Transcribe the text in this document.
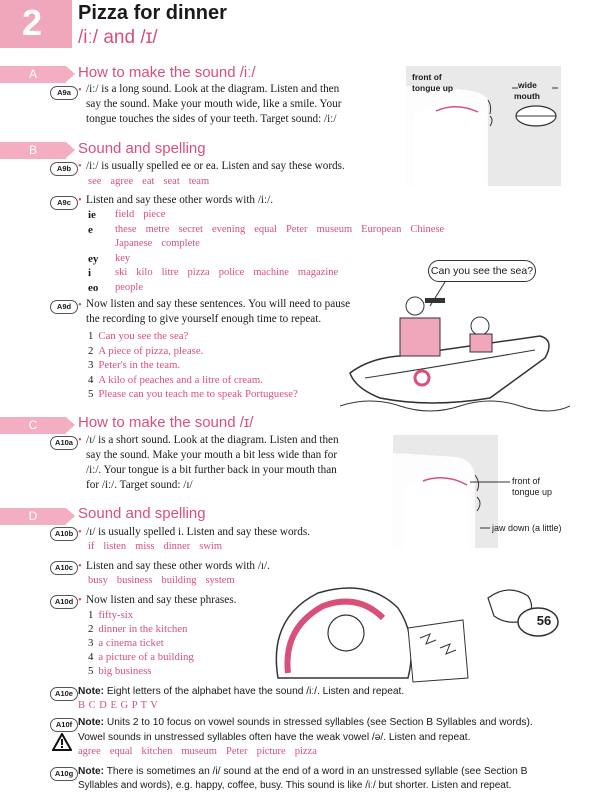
2 Pizza for dinner
/iː/ and /ɪ/
A	How to make the sound /iː/
A9a • /iː/ is a long sound. Look at the diagram. Listen and then
say the sound. Make your mouth wide, like a smile. Your
tongue touches the sides of your teeth. Target sound: /iː/
front of
tongue up	wide
mouth
B	Sound and spelling
A9b • /iː/ is usually spelled ee or ea. Listen and say these words.
see agree eat seat team
A9c • Listen and say these other words with /iː/.
ie field piece
e these metre secret evening equal Peter museum European Chinese
Japanese complete
ey key
i ski kilo litre pizza police machine magazine
eo people
A9d • Now listen and say these sentences. You will need to pause
the recording to give yourself enough time to repeat.
1 Can you see the sea?
2 A piece of pizza, please.
3 Peter's in the team.
4 A kilo of peaches and a litre of cream.
5 Please can you teach me to speak Portuguese?
Can you see the sea?
C	How to make the sound /ɪ/
A10a • /ɪ/ is a short sound. Look at the diagram. Listen and then
say the sound. Make your mouth a bit less wide than for
/iː/. Your tongue is a bit further back in your mouth than
for /iː/. Target sound: /ɪ/	front of
tongue up
jaw down (a little)
D	Sound and spelling
A10b • /ɪ/ is usually spelled i. Listen and say these words.
if listen miss dinner swim
A10c • Listen and say these other words with /ɪ/.
busy business building system
A10d • Now listen and say these phrases.
1 fifty-six
2 dinner in the kitchen
3 a cinema ticket
4 a picture of a building
5 big business
56
A10e Note: Eight letters of the alphabet have the sound /iː/. Listen and repeat.
B C D E G P T V
A10f Note: Units 2 to 10 focus on vowel sounds in stressed syllables (see Section B Syllables and words).
Vowel sounds in unstressed syllables often have the weak vowel /ə/. Listen and repeat.
agree equal kitchen museum Peter picture pizza
A10g Note: There is sometimes an /i/ sound at the end of a word in an unstressed syllable (see Section B
Syllables and words), e.g. happy, coffee, busy. This sound is like /iː/ but shorter. Listen and repeat.
